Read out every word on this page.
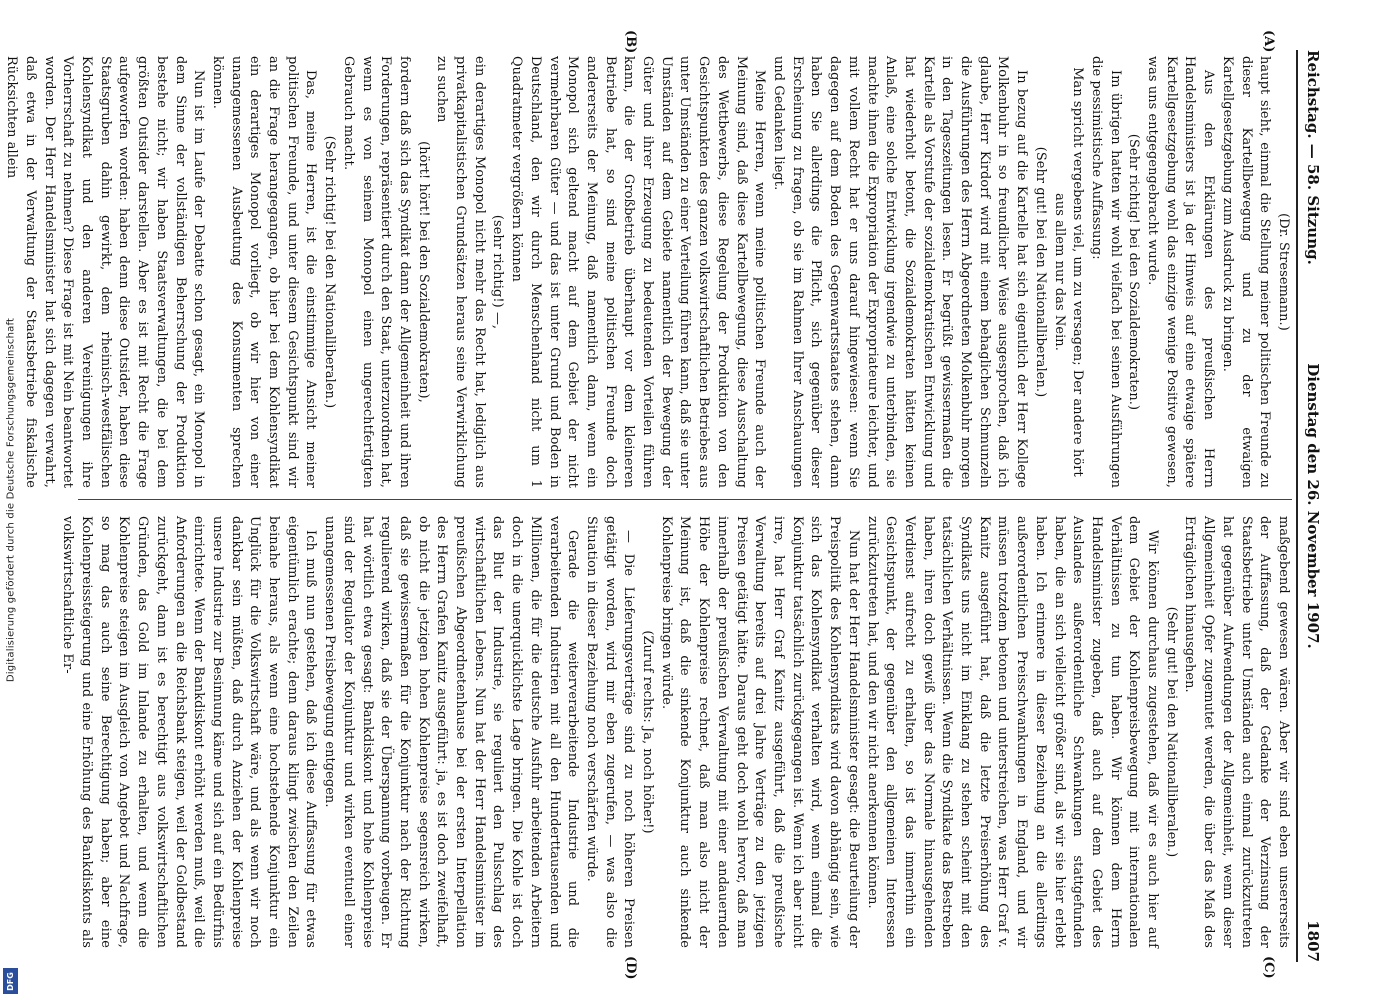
Digitalisierung gefördert durch die Deutsche Forschungsgemeinschaft
DFG
Reichstag. — 58. Sitzung.
Dienstag den 26. November 1907.
1807
(A)
(B)
(C)
(D)

(Dr. Stresemann.)

haupt sieht, einmal die Stellung meiner politischen Freunde zu dieser Kartellbewegung und zu der etwaigen Kartellgesetzgebung zum Ausdruck zu bringen.

Aus den Erklärungen des preußischen Herrn Handelsministers ist ja der Hinweis auf eine etwaige spätere Kartellgesetzgebung wohl das einzige wenige Positive gewesen, was uns entgegengebracht wurde.

(Sehr richtig! bei den Sozialdemokraten.)

Im übrigen hatten wir wohl vielfach bei seinen Ausführungen die pessimistische Auffassung:

Man spricht vergebens viel, um zu versagen; Der andere hört aus allem nur das Nein.

(Sehr gut! bei den Nationalliberalen.)

In bezug auf die Kartelle hat sich eigentlich der Herr Kollege Molkenbuhr in so freundlicher Weise ausgesprochen, daß ich glaube, Herr Kirdorf wird mit einem behaglichen Schmunzeln die Ausführungen des Herrn Abgeordneten Molkenbuhr morgen in den Tageszeitungen lesen. Er begrüßt gewissermaßen die Kartelle als Vorstufe der sozialdemokratischen Entwicklung und hat wiederholt betont, die Sozialdemokraten hätten keinen Anlaß, eine solche Entwicklung irgendwie zu unterbinden, sie machte ihnen die Expropriation der Expropriateure leichter, und mit vollem Recht hat er uns darauf hingewiesen: wenn Sie dagegen auf dem Boden des Gegenwartsstaates stehen, dann haben Sie allerdings die Pflicht, sich gegenüber dieser Erscheinung zu fragen, ob sie im Rahmen Ihrer Anschauungen und Gedanken liegt.

Meine Herren, wenn meine politischen Freunde auch der Meinung sind, daß diese Kartellbewegung, diese Ausschaltung des Wettbewerbs, diese Regelung der Produktion von den Gesichtspunkten des ganzen volkswirtschaftlichen Betriebes aus unter Umständen zu einer Verteilung führen kann, daß sie unter Umständen auf dem Gebiete namentlich der Bewegung der Güter und ihrer Erzeugung zu bedeutenden Vorteilen führen kann, die der Großbetrieb überhaupt vor dem kleineren Betriebe hat, so sind meine politischen Freunde doch andererseits der Meinung, daß namentlich dann, wenn ein Monopol sich geltend macht auf dem Gebiet der nicht vermehrbaren Güter — und das ist unter Grund und Boden in Deutschland, den wir durch Menschenhand nicht um 1 Quadratmeter vergrößern können

(sehr richtig!) —,

ein derartiges Monopol nicht mehr das Recht hat, lediglich aus privatkapitalistischen Grundsätzen heraus seine Verwirklichung zu suchen

(hört! hört! bei den Sozialdemokraten),

fordern daß sich das Syndikat dann der Allgemeinheit und ihren Forderungen, repräsentiert durch den Staat, unterzuordnen hat, wenn es von seinem Monopol einen ungerechtfertigten Gebrauch macht.

(Sehr richtig! bei den Nationalliberalen.)

Das, meine Herren, ist die einstimmige Ansicht meiner politischen Freunde, und unter diesem Gesichtspunkt sind wir an die Frage herangegangen, ob hier bei dem Kohlensyndikat ein derartiges Monopol vorliegt, ob wir hier von einer unangemessenen Ausbeutung des Konsumenten sprechen können.

Nun ist im Laufe der Debatte schon gesagt, ein Monopol in dem Sinne der vollständigen Beherrschung der Produktion bestehe nicht; wir haben Staatsverwaltungen, die bei dem größten Outsider darstellen. Aber es ist mit Recht die Frage aufgeworfen worden: haben denn diese Outsider, haben diese Staatsgruben dahin gewirkt, dem rheinisch-westfälischen Kohlensyndikat und den anderen Vereinigungen ihre Vorherrschaft zu nehmen? Diese Frage ist mit Nein beantwortet worden. Der Herr Handelsminister hat sich dagegen verwahrt, daß etwa in der Verwaltung der Staatsbetriebe fiskalische Rücksichten allein

maßgebend gewesen wären. Aber wir sind eben unsererseits der Auffassung, daß der Gedanke der Verzinsung der Staatsbetriebe unter Umständen auch einmal zurückzutreten hat gegenüber Aufwendungen der Allgemeinheit, wenn dieser Allgemeinheit Opfer zugemutet werden, die über das Maß des Erträglichen hinausgehen.

(Sehr gut! bei den Nationalliberalen.)

Wir können durchaus zugestehen, daß wir es auch hier auf dem Gebiet der Kohlenpreisbewegung mit internationalen Verhältnissen zu tun haben. Wir können dem Herrn Handelsminister zugeben, daß auch auf dem Gebiet des Auslandes außerordentliche Schwankungen stattgefunden haben, die an sich vielleicht größer sind, als wir sie hier erlebt haben. Ich erinnere in dieser Beziehung an die allerdings außerordentlichen Preisschwankungen in England, und wir müssen trotzdem betonen und unterstreichen, was Herr Graf v. Kanitz ausgeführt hat, daß die letzte Preiserhöhung des Syndikats uns nicht im Einklang zu stehen scheint mit den tatsächlichen Verhältnissen. Wenn die Syndikate das Bestreben haben, ihren doch gewiß über das Normale hinausgehenden Verdienst aufrecht zu erhalten, so ist das immerhin ein Gesichtspunkt, der gegenüber den allgemeinen Interessen zurückzutreten hat, und den wir nicht anerkennen können.

Nun hat der Herr Handelsminister gesagt: die Beurteilung der Preispolitik des Kohlensyndikats wird davon abhängig sein, wie sich das Kohlensyndikat verhalten wird, wenn einmal die Konjunktur tatsächlich zurückgegangen ist. Wenn ich aber nicht irre, hat Herr Graf Kanitz ausgeführt, daß die preußische Verwaltung bereits auf drei Jahre Verträge zu den jetzigen Preisen getätigt hätte. Daraus geht doch wohl hervor, daß man innerhalb der preußischen Verwaltung mit einer andauernden Höhe der Kohlenpreise rechnet, daß man also nicht der Meinung ist, daß die sinkende Konjunktur auch sinkende Kohlenpreise bringen würde.

(Zuruf rechts: Ja, noch höher!)

— Die Lieferungsverträge sind zu noch höheren Preisen getätigt worden, wird mir eben zugerufen, — was also die Situation in dieser Beziehung noch verschärfen würde.

Gerade die weiterverarbeitende Industrie und die verarbeitenden Industrien mit all den Hunderttausenden und Millionen, die für die deutsche Ausfuhr arbeitenden Arbeitern doch in die unerquicklichste Lage bringen. Die Kohle ist doch das Blut der Industrie, sie reguliert den Pulsschlag des wirtschaftlichen Lebens. Nun hat der Herr Handelsminister im preußischen Abgeordnetenhause bei der ersten Interpellation des Herrn Grafen Kanitz ausgeführt: ja, es ist doch zweifelhaft, ob nicht die jetzigen hohen Kohlenpreise segensreich wirken, daß sie gewissermaßen für die Konjunktur nach der Richtung regulierend wirken, daß sie der Überspannung vorbeugen. Er hat wörtlich etwa gesagt: Bankdiskont und hohe Kohlenpreise sind der Regulator der Konjunktur und wirken eventuell einer unangemessenen Preisbewegung entgegen.

Ich muß nun gestehen, daß ich diese Auffassung für etwas eigentümlich erachte; denn daraus klingt zwischen den Zeilen beinahe heraus, als wenn eine hochstehende Konjunktur ein Unglück für die Volkswirtschaft wäre, und als wenn wir noch dankbar sein müßten, daß durch Anziehen der Kohlenpreise unsere Industrie zur Besinnung käme und sich auf ein Bedürfnis einrichtete. Wenn der Bankdiskont erhöht werden muß, weil die Anforderungen an die Reichsbank steigen, weil der Goldbestand zurückgeht, dann ist es berechtigt aus volkswirtschaftlichen Gründen, das Gold im Inlande zu erhalten, und wenn die Kohlenpreise steigen im Ausgleich von Angebot und Nachfrage, so mag das auch seine Berechtigung haben; aber eine Kohlenpreissteigerung und eine Erhöhung des Bankdiskonts als volkswirtschaftliche Er-
